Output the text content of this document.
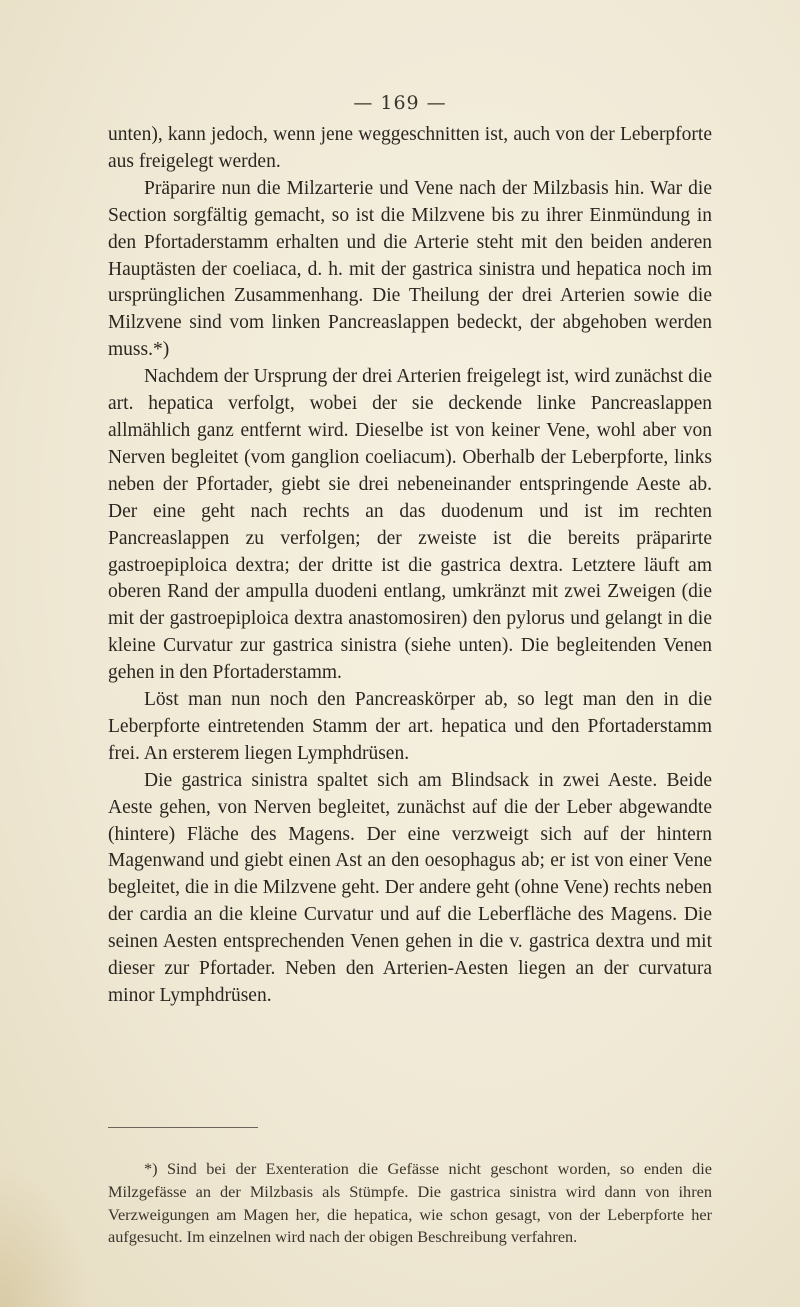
— 169 —

unten), kann jedoch, wenn jene weggeschnitten ist, auch von der Leberpforte aus freigelegt werden.

Präparire nun die Milzarterie und Vene nach der Milzbasis hin. War die Section sorgfältig gemacht, so ist die Milzvene bis zu ihrer Einmündung in den Pfortaderstamm erhalten und die Arterie steht mit den beiden anderen Hauptästen der coeliaca, d. h. mit der gastrica sinistra und hepatica noch im ursprünglichen Zusammenhang. Die Theilung der drei Arterien sowie die Milzvene sind vom linken Pancreaslappen bedeckt, der abgehoben werden muss.*)

Nachdem der Ursprung der drei Arterien freigelegt ist, wird zunächst die art. hepatica verfolgt, wobei der sie deckende linke Pancreaslappen allmählich ganz entfernt wird. Dieselbe ist von keiner Vene, wohl aber von Nerven begleitet (vom ganglion coeliacum). Oberhalb der Leberpforte, links neben der Pfortader, giebt sie drei nebeneinander entspringende Aeste ab. Der eine geht nach rechts an das duodenum und ist im rechten Pancreaslappen zu verfolgen; der zweiste ist die bereits präparirte gastroepiploica dextra; der dritte ist die gastrica dextra. Letztere läuft am oberen Rand der ampulla duodeni entlang, umkränzt mit zwei Zweigen (die mit der gastroepiploica dextra anastomosiren) den pylorus und gelangt in die kleine Curvatur zur gastrica sinistra (siehe unten). Die begleitenden Venen gehen in den Pfortaderstamm.

Löst man nun noch den Pancreaskörper ab, so legt man den in die Leberpforte eintretenden Stamm der art. hepatica und den Pfortaderstamm frei. An ersterem liegen Lymphdrüsen.

Die gastrica sinistra spaltet sich am Blindsack in zwei Aeste. Beide Aeste gehen, von Nerven begleitet, zunächst auf die der Leber abgewandte (hintere) Fläche des Magens. Der eine verzweigt sich auf der hintern Magenwand und giebt einen Ast an den oesophagus ab; er ist von einer Vene begleitet, die in die Milzvene geht. Der andere geht (ohne Vene) rechts neben der cardia an die kleine Curvatur und auf die Leberfläche des Magens. Die seinen Aesten entsprechenden Venen gehen in die v. gastrica dextra und mit dieser zur Pfortader. Neben den Arterien-Aesten liegen an der curvatura minor Lymphdrüsen.

*) Sind bei der Exenteration die Gefässe nicht geschont worden, so enden die Milzgefässe an der Milzbasis als Stümpfe. Die gastrica sinistra wird dann von ihren Verzweigungen am Magen her, die hepatica, wie schon gesagt, von der Leberpforte her aufgesucht. Im einzelnen wird nach der obigen Beschreibung verfahren.
